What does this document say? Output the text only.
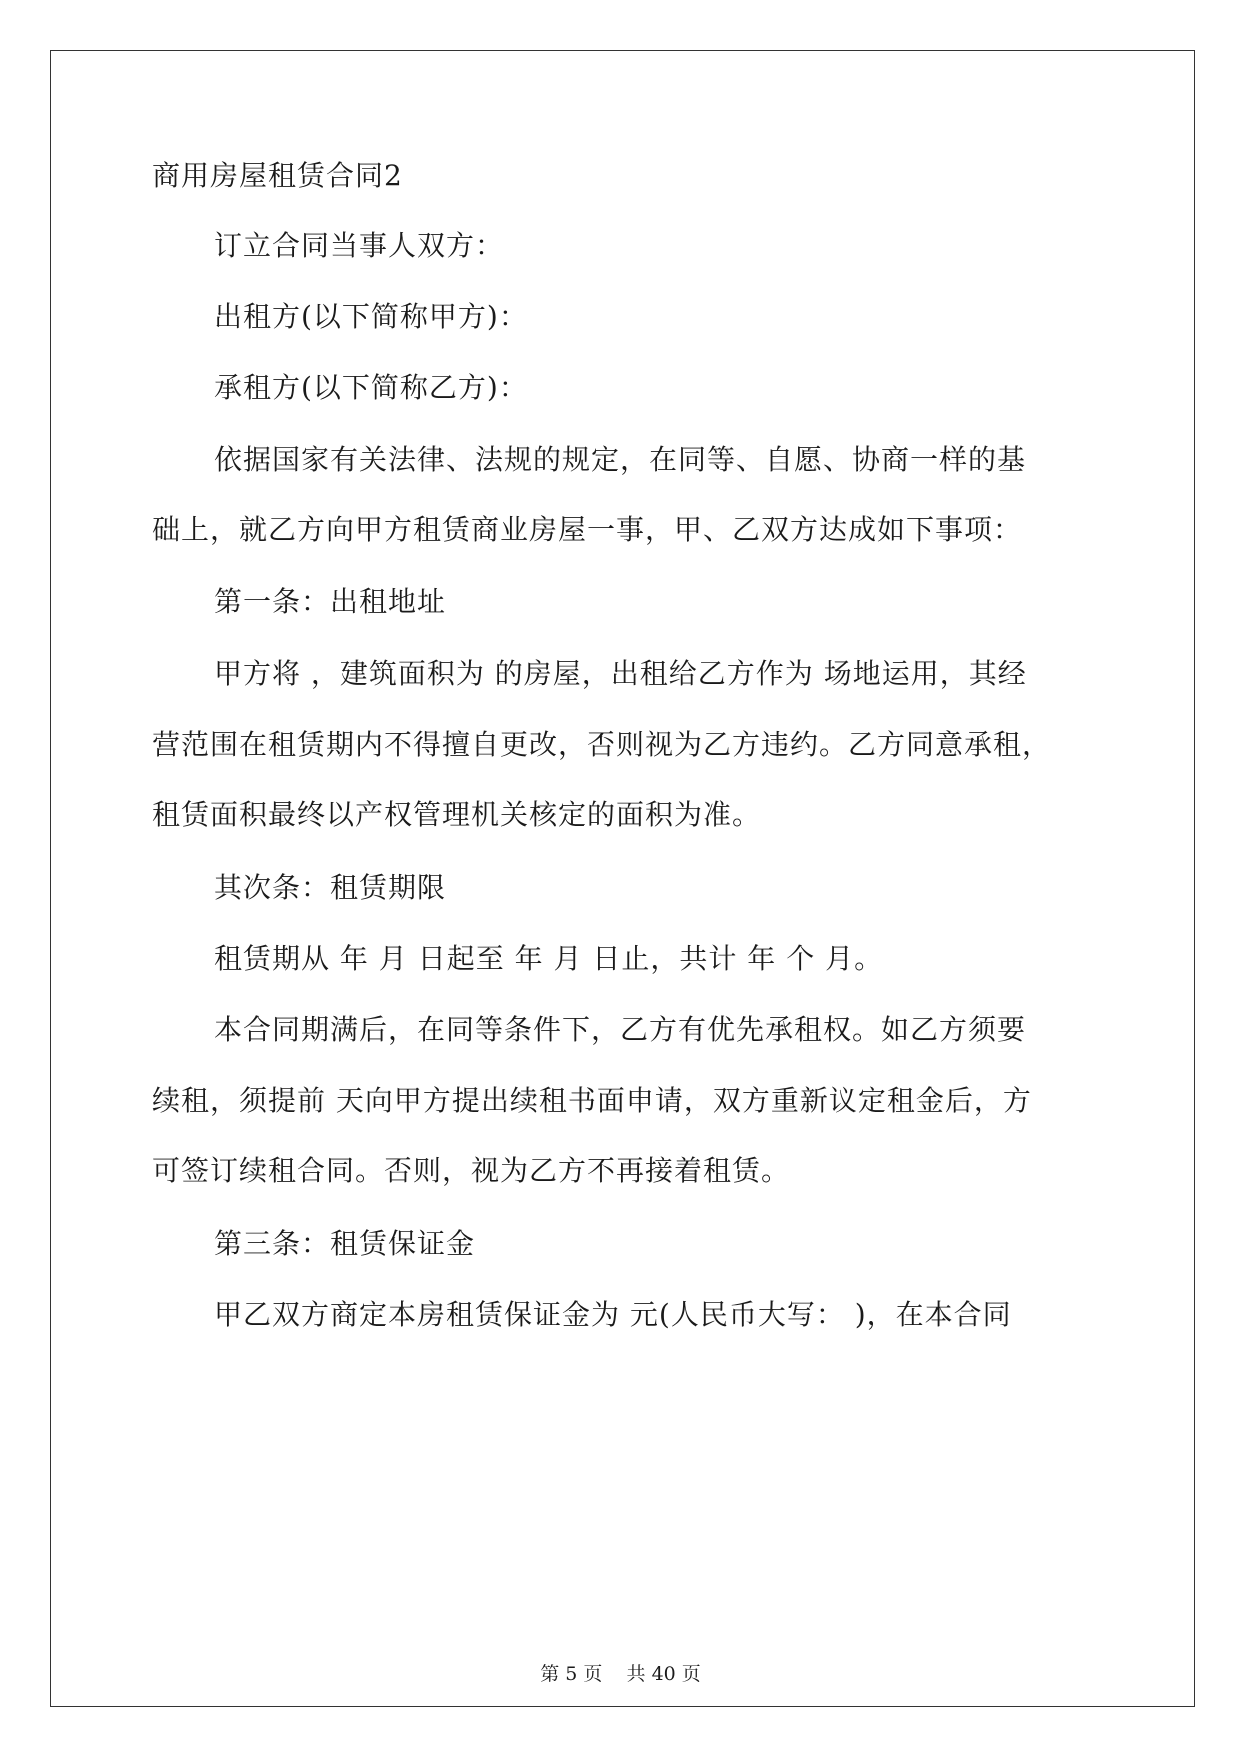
商用房屋租赁合同2
订立合同当事人双方：
出租方(以下简称甲方)：
承租方(以下简称乙方)：
依据国家有关法律、法规的规定，在同等、自愿、协商一样的基
础上，就乙方向甲方租赁商业房屋一事，甲、乙双方达成如下事项：
第一条：出租地址
甲方将 ，建筑面积为 的房屋，出租给乙方作为 场地运用，其经
营范围在租赁期内不得擅自更改，否则视为乙方违约。乙方同意承租，
租赁面积最终以产权管理机关核定的面积为准。
其次条：租赁期限
租赁期从 年 月 日起至 年 月 日止，共计 年 个 月。
本合同期满后，在同等条件下，乙方有优先承租权。如乙方须要
续租，须提前 天向甲方提出续租书面申请，双方重新议定租金后，方
可签订续租合同。否则，视为乙方不再接着租赁。
第三条：租赁保证金
甲乙双方商定本房租赁保证金为 元(人民币大写： )，在本合同
第 5 页    共 40 页
